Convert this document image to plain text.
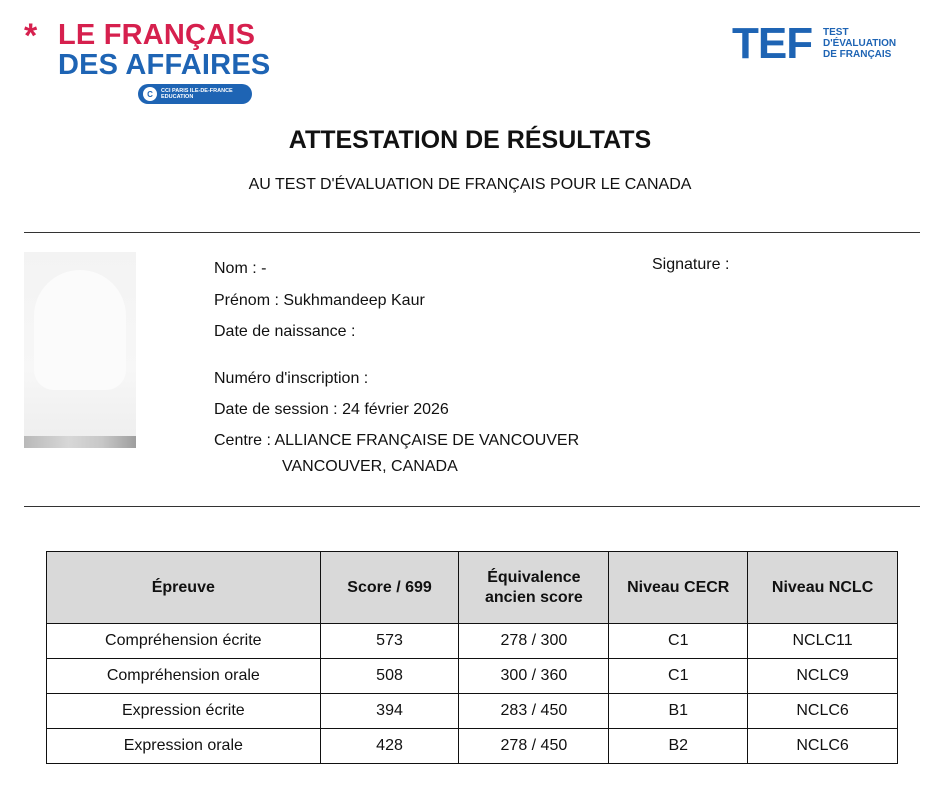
* LE FRANÇAIS
DES AFFAIRES
C	CCI PARIS ILE-DE-FRANCE
EDUCATION
TEF TEST
D'ÉVALUATION
DE FRANÇAIS
ATTESTATION DE RÉSULTATS
AU TEST D'ÉVALUATION DE FRANÇAIS POUR LE CANADA
Nom : -
Prénom : Sukhmandeep Kaur
Date de naissance :
Numéro d'inscription :
Date de session : 24 février 2026
Centre : ALLIANCE FRANÇAISE DE VANCOUVER
VANCOUVER, CANADA
Signature :
Épreuve	Score / 699	Équivalence ancien score	Niveau CECR	Niveau NCLC
Compréhension écrite	573	278 / 300	C1	NCLC11
Compréhension orale	508	300 / 360	C1	NCLC9
Expression écrite	394	283 / 450	B1	NCLC6
Expression orale	428	278 / 450	B2	NCLC6
